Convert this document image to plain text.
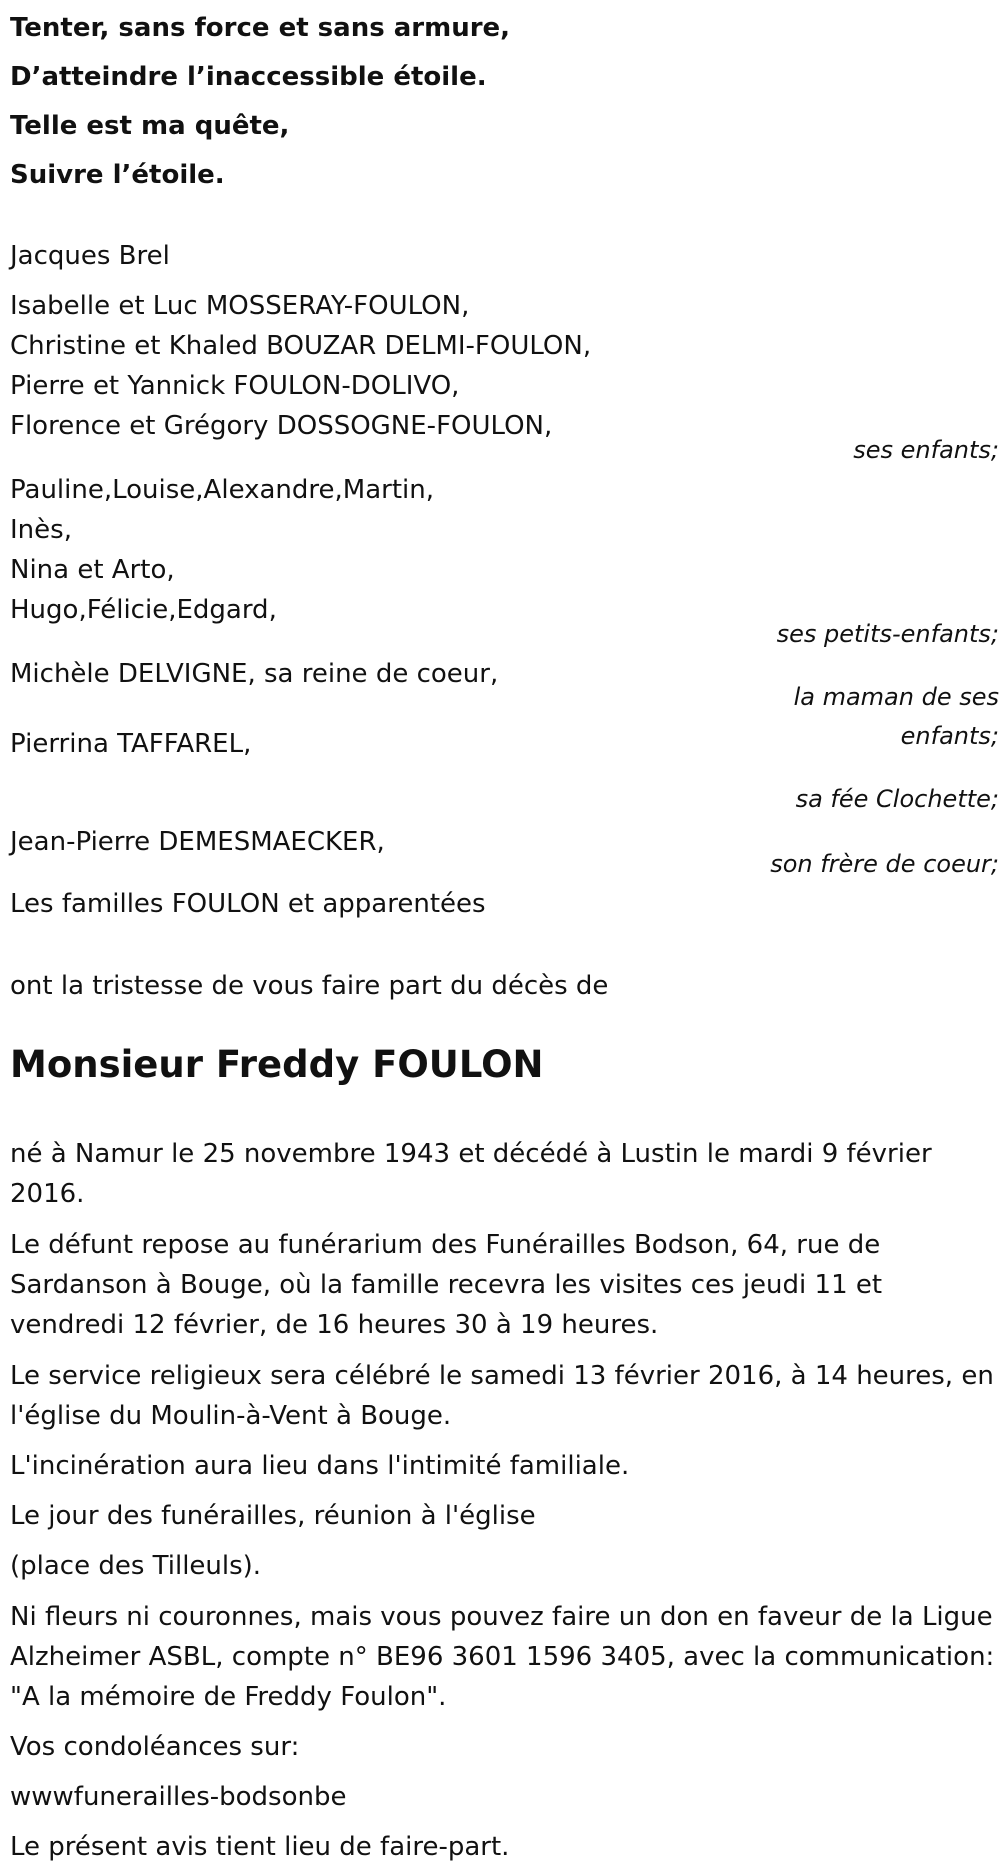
Tenter, sans force et sans armure,
D’atteindre l’inaccessible étoile.
Telle est ma quête,
Suivre l’étoile.
Jacques Brel
Isabelle et Luc MOSSERAY-FOULON,
Christine et Khaled BOUZAR DELMI-FOULON,
Pierre et Yannick FOULON-DOLIVO,
Florence et Grégory DOSSOGNE-FOULON,
ses enfants;
Pauline,Louise,Alexandre,Martin,
Inès,
Nina et Arto,
Hugo,Félicie,Edgard,
ses petits-enfants;
Michèle DELVIGNE, sa reine de coeur,
la maman de ses
enfants;
Pierrina TAFFAREL,
sa fée Clochette;
Jean-Pierre DEMESMAECKER,
son frère de coeur;
Les familles FOULON et apparentées
ont la tristesse de vous faire part du décès de
Monsieur Freddy FOULON
né à Namur le 25 novembre 1943 et décédé à Lustin le mardi 9 février 2016.
Le défunt repose au funérarium des Funérailles Bodson, 64, rue de Sardanson à Bouge, où la famille recevra les visites ces jeudi 11 et vendredi 12 février, de 16 heures 30 à 19 heures.
Le service religieux sera célébré le samedi 13 février 2016, à 14 heures, en l'église du Moulin-à-Vent à Bouge.
L'incinération aura lieu dans l'intimité familiale.
Le jour des funérailles, réunion à l'église
(place des Tilleuls).
Ni fleurs ni couronnes, mais vous pouvez faire un don en faveur de la Ligue Alzheimer ASBL, compte n° BE96 3601 1596 3405, avec la communication: "A la mémoire de Freddy Foulon".
Vos condoléances sur:
wwwfunerailles-bodsonbe
Le présent avis tient lieu de faire-part.
